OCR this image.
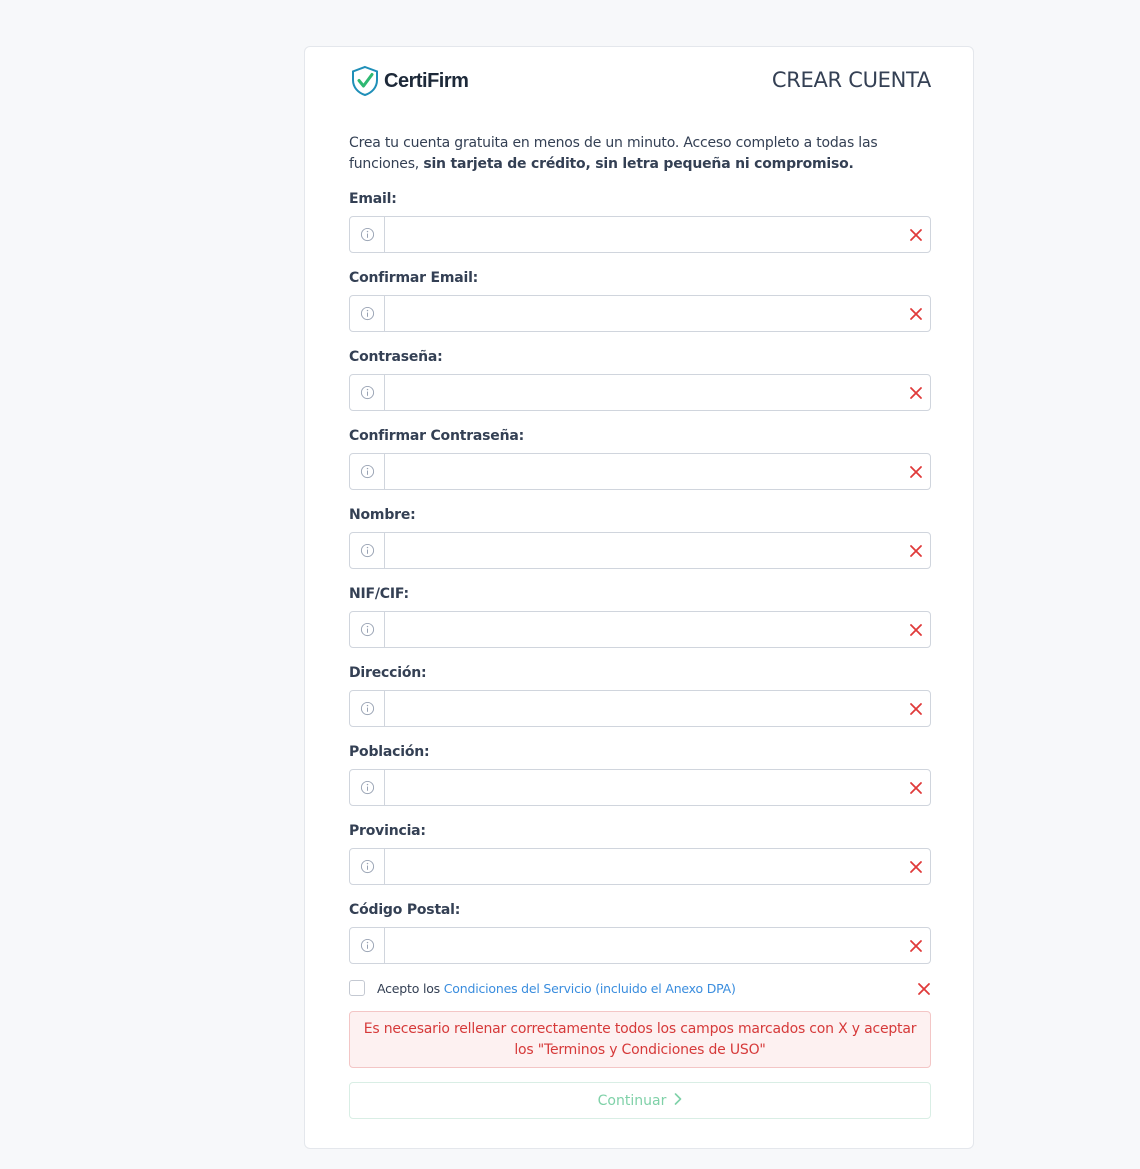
CertiFirm	CREAR CUENTA

Crea tu cuenta gratuita en menos de un minuto. Acceso completo a todas las funciones, sin tarjeta de crédito, sin letra pequeña ni compromiso.

Email:
Confirmar Email:
Contraseña:
Confirmar Contraseña:
Nombre:
NIF/CIF:
Dirección:
Población:
Provincia:
Código Postal:
Acepto los Condiciones del Servicio (incluido el Anexo DPA)
Es necesario rellenar correctamente todos los campos marcados con X y aceptar los "Terminos y Condiciones de USO"
Continuar
